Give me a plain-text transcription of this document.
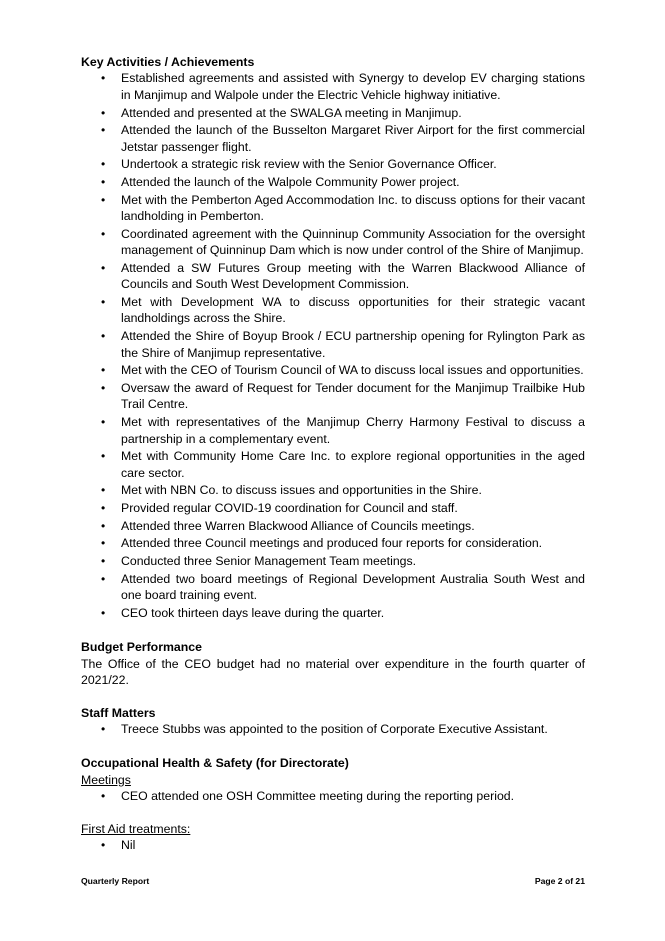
Key Activities / Achievements

• Established agreements and assisted with Synergy to develop EV charging stations in Manjimup and Walpole under the Electric Vehicle highway initiative.
• Attended and presented at the SWALGA meeting in Manjimup.
• Attended the launch of the Busselton Margaret River Airport for the first commercial Jetstar passenger flight.
• Undertook a strategic risk review with the Senior Governance Officer.
• Attended the launch of the Walpole Community Power project.
• Met with the Pemberton Aged Accommodation Inc. to discuss options for their vacant landholding in Pemberton.
• Coordinated agreement with the Quinninup Community Association for the oversight management of Quinninup Dam which is now under control of the Shire of Manjimup.
• Attended a SW Futures Group meeting with the Warren Blackwood Alliance of Councils and South West Development Commission.
• Met with Development WA to discuss opportunities for their strategic vacant landholdings across the Shire.
• Attended the Shire of Boyup Brook / ECU partnership opening for Rylington Park as the Shire of Manjimup representative.
• Met with the CEO of Tourism Council of WA to discuss local issues and opportunities.
• Oversaw the award of Request for Tender document for the Manjimup Trailbike Hub Trail Centre.
• Met with representatives of the Manjimup Cherry Harmony Festival to discuss a partnership in a complementary event.
• Met with Community Home Care Inc. to explore regional opportunities in the aged care sector.
• Met with NBN Co. to discuss issues and opportunities in the Shire.
• Provided regular COVID-19 coordination for Council and staff.
• Attended three Warren Blackwood Alliance of Councils meetings.
• Attended three Council meetings and produced four reports for consideration.
• Conducted three Senior Management Team meetings.
• Attended two board meetings of Regional Development Australia South West and one board training event.
• CEO took thirteen days leave during the quarter.

Budget Performance

The Office of the CEO budget had no material over expenditure in the fourth quarter of 2021/22.

Staff Matters

• Treece Stubbs was appointed to the position of Corporate Executive Assistant.

Occupational Health & Safety (for Directorate)

Meetings

• CEO attended one OSH Committee meeting during the reporting period.

First Aid treatments:

• Nil
Quarterly Report	Page 2 of 21
